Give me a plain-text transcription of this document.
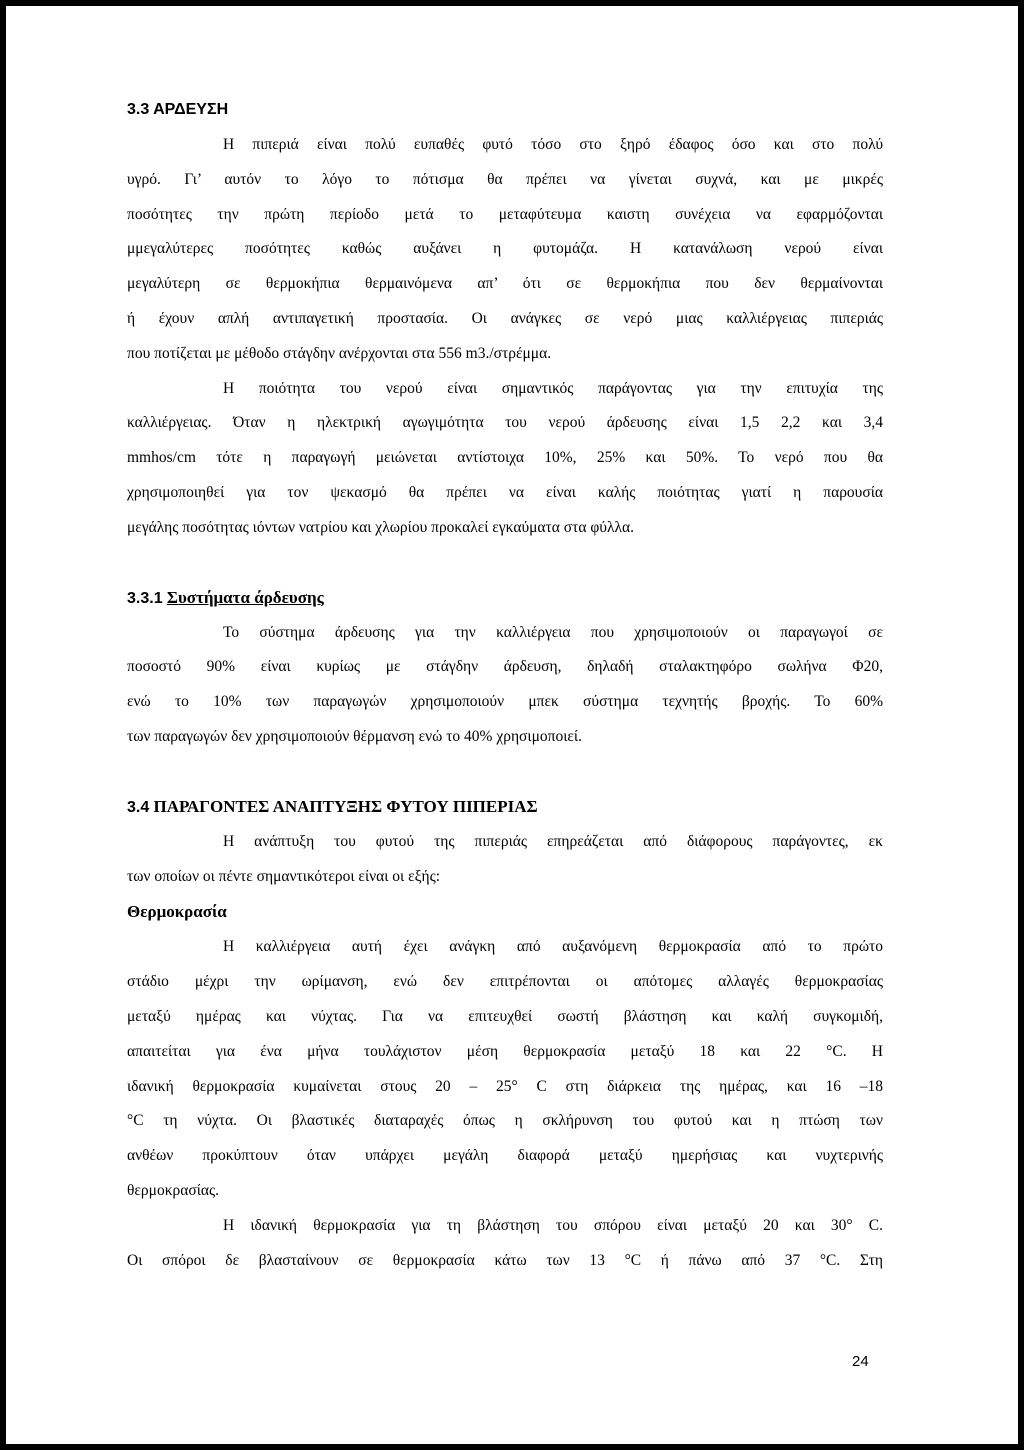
3.3 ΑΡΔΕΥΣΗ
Η πιπεριά είναι πολύ ευπαθές φυτό τόσο στο ξηρό έδαφος όσο και στο πολύ
υγρό. Γι’ αυτόν το λόγο το πότισμα θα πρέπει να γίνεται συχνά, και με μικρές
ποσότητες την πρώτη περίοδο μετά το μεταφύτευμα καιστη συνέχεια να εφαρμόζονται
μμεγαλύτερες ποσότητες καθώς αυξάνει η φυτομάζα. Η κατανάλωση νερού είναι
μεγαλύτερη σε θερμοκήπια θερμαινόμενα απ’ ότι σε θερμοκήπια που δεν θερμαίνονται
ή έχουν απλή αντιπαγετική προστασία. Οι ανάγκες σε νερό μιας καλλιέργειας πιπεριάς
που ποτίζεται με μέθοδο στάγδην ανέρχονται στα 556 m3./στρέμμα.
Η ποιότητα του νερού είναι σημαντικός παράγοντας για την επιτυχία της
καλλιέργειας. Όταν η ηλεκτρική αγωγιμότητα του νερού άρδευσης είναι 1,5 2,2 και 3,4
mmhos/cm τότε η παραγωγή μειώνεται αντίστοιχα 10%, 25% και 50%. Το νερό που θα
χρησιμοποιηθεί για τον ψεκασμό θα πρέπει να είναι καλής ποιότητας γιατί η παρουσία
μεγάλης ποσότητας ιόντων νατρίου και χλωρίου προκαλεί εγκαύματα στα φύλλα.
3.3.1 Συστήματα άρδευσης
Το σύστημα άρδευσης για την καλλιέργεια που χρησιμοποιούν οι παραγωγοί σε
ποσοστό 90% είναι κυρίως με στάγδην άρδευση, δηλαδή σταλακτηφόρο σωλήνα Φ20,
ενώ το 10% των παραγωγών χρησιμοποιούν μπεκ σύστημα τεχνητής βροχής. Το 60%
των παραγωγών δεν χρησιμοποιούν θέρμανση ενώ το 40% χρησιμοποιεί.
3.4 ΠΑΡΑΓΟΝΤΕΣ ΑΝΑΠΤΥΞΗΣ ΦΥΤΟΥ ΠΙΠΕΡΙΑΣ
Η ανάπτυξη του φυτού της πιπεριάς επηρεάζεται από διάφορους παράγοντες, εκ
των οποίων οι πέντε σημαντικότεροι είναι οι εξής:
Θερμοκρασία
Η καλλιέργεια αυτή έχει ανάγκη από αυξανόμενη θερμοκρασία από το πρώτο
στάδιο μέχρι την ωρίμανση, ενώ δεν επιτρέπονται οι απότομες αλλαγές θερμοκρασίας
μεταξύ ημέρας και νύχτας. Για να επιτευχθεί σωστή βλάστηση και καλή συγκομιδή,
απαιτείται για ένα μήνα τουλάχιστον μέση θερμοκρασία μεταξύ 18 και 22 °C. Η
ιδανική θερμοκρασία κυμαίνεται στους 20 – 25° C στη διάρκεια της ημέρας, και 16 –18
°C τη νύχτα. Οι βλαστικές διαταραχές όπως η σκλήρυνση του φυτού και η πτώση των
ανθέων προκύπτουν όταν υπάρχει μεγάλη διαφορά μεταξύ ημερήσιας και νυχτερινής
θερμοκρασίας.
Η ιδανική θερμοκρασία για τη βλάστηση του σπόρου είναι μεταξύ 20 και 30° C.
Οι σπόροι δε βλασταίνουν σε θερμοκρασία κάτω των 13 °C ή πάνω από 37 °C. Στη
24
